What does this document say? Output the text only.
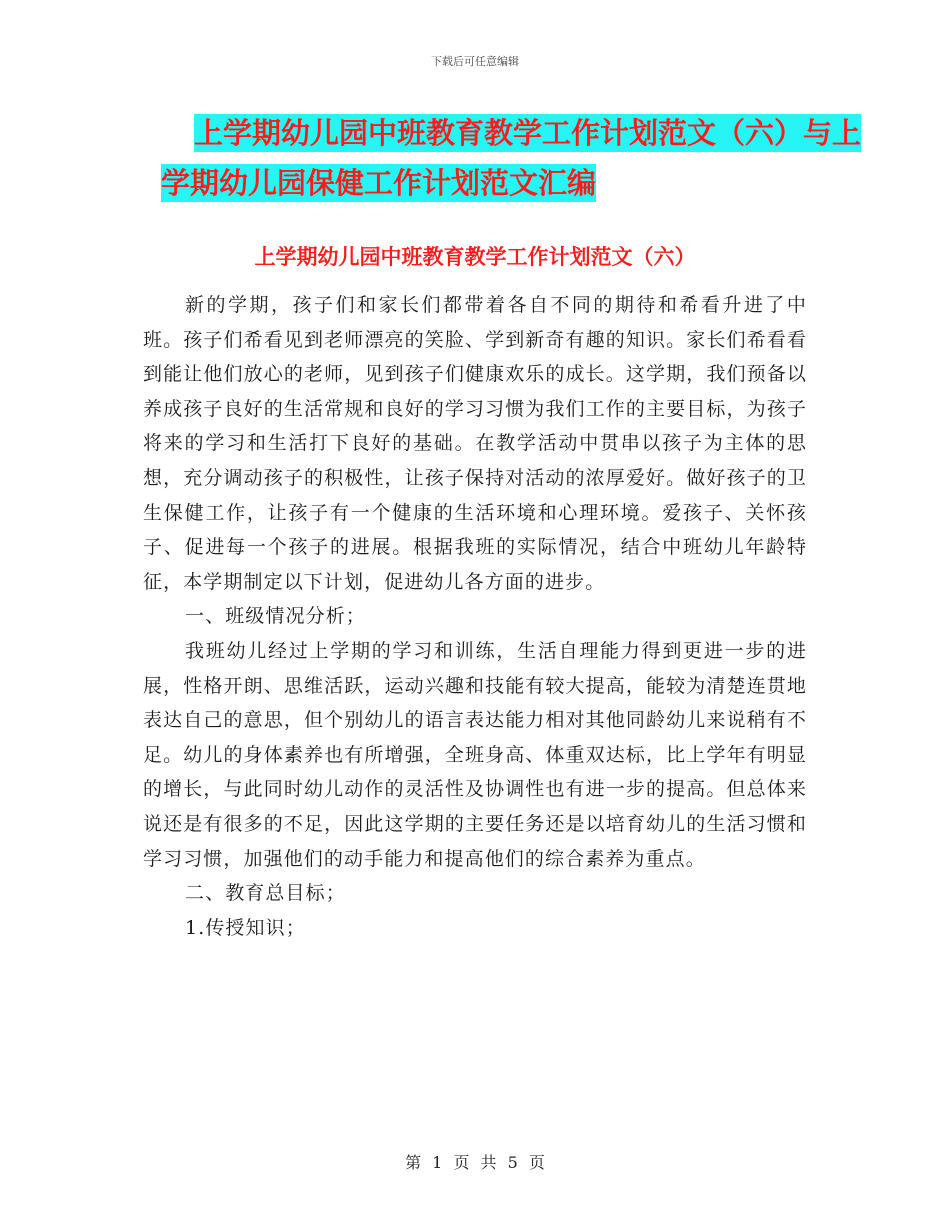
下载后可任意编辑
上学期幼儿园中班教育教学工作计划范文（六）与上
学期幼儿园保健工作计划范文汇编
上学期幼儿园中班教育教学工作计划范文（六）

新的学期，孩子们和家长们都带着各自不同的期待和希看升进了中班。孩子们希看见到老师漂亮的笑脸、学到新奇有趣的知识。家长们希看看到能让他们放心的老师，见到孩子们健康欢乐的成长。这学期，我们预备以养成孩子良好的生活常规和良好的学习习惯为我们工作的主要目标，为孩子将来的学习和生活打下良好的基础。在教学活动中贯串以孩子为主体的思想，充分调动孩子的积极性，让孩子保持对活动的浓厚爱好。做好孩子的卫生保健工作，让孩子有一个健康的生活环境和心理环境。爱孩子、关怀孩子、促进每一个孩子的进展。根据我班的实际情况，结合中班幼儿年龄特征，本学期制定以下计划，促进幼儿各方面的进步。

一、班级情况分析；

我班幼儿经过上学期的学习和训练，生活自理能力得到更进一步的进展，性格开朗、思维活跃，运动兴趣和技能有较大提高，能较为清楚连贯地表达自己的意思，但个别幼儿的语言表达能力相对其他同龄幼儿来说稍有不足。幼儿的身体素养也有所增强，全班身高、体重双达标，比上学年有明显的增长，与此同时幼儿动作的灵活性及协调性也有进一步的提高。但总体来说还是有很多的不足，因此这学期的主要任务还是以培育幼儿的生活习惯和学习习惯，加强他们的动手能力和提高他们的综合素养为重点。

二、教育总目标；

1.传授知识；

第 1 页 共 5 页
